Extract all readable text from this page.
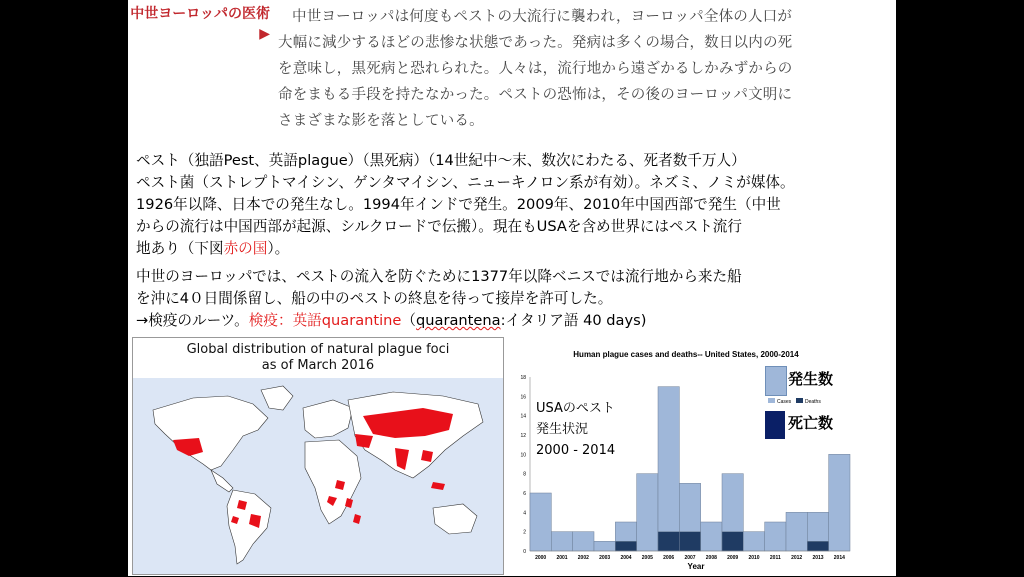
中世ヨーロッパの医術▶
中世ヨーロッパは何度もペストの大流行に襲われ，ヨーロッパ全体の人口が
大幅に減少するほどの悲惨な状態であった。発病は多くの場合，数日以内の死
を意味し，黒死病と恐れられた。人々は，流行地から遠ざかるしかみずからの
命をまもる手段を持たなかった。ペストの恐怖は，その後のヨーロッパ文明に
さまざまな影を落としている。
ペスト（独語Pest、英語plague）（黒死病）（14世紀中～末、数次にわたる、死者数千万人）
ペスト菌（ストレプトマイシン、ゲンタマイシン、ニューキノロン系が有効）。ネズミ、ノミが媒体。
1926年以降、日本での発生なし。1994年インドで発生。2009年、2010年中国西部で発生（中世
からの流行は中国西部が起源、シルクロードで伝搬）。現在もUSAを含め世界にはペスト流行
地あり（下図赤の国）。
中世のヨーロッパでは、ペストの流入を防ぐために1377年以降ベニスでは流行地から来た船
を沖に4０日間係留し、船の中のペストの終息を待って接岸を許可した。
→検疫のルーツ。検疫：英語quarantine（quarantena:イタリア語 40 days)
Global distribution of natural plague foci
as of March 2016
Human plague cases and deaths-- United States, 2000-2014
0
2
4
6
8
10
12
14
16
18
2000 2001 2002 2003 2004 2005 2006 2007 2008 2009 2010 2011 2012 2013 2014
Year
Cases	Deaths
USAのペスト
発生状況
2000 - 2014
発生数
死亡数
